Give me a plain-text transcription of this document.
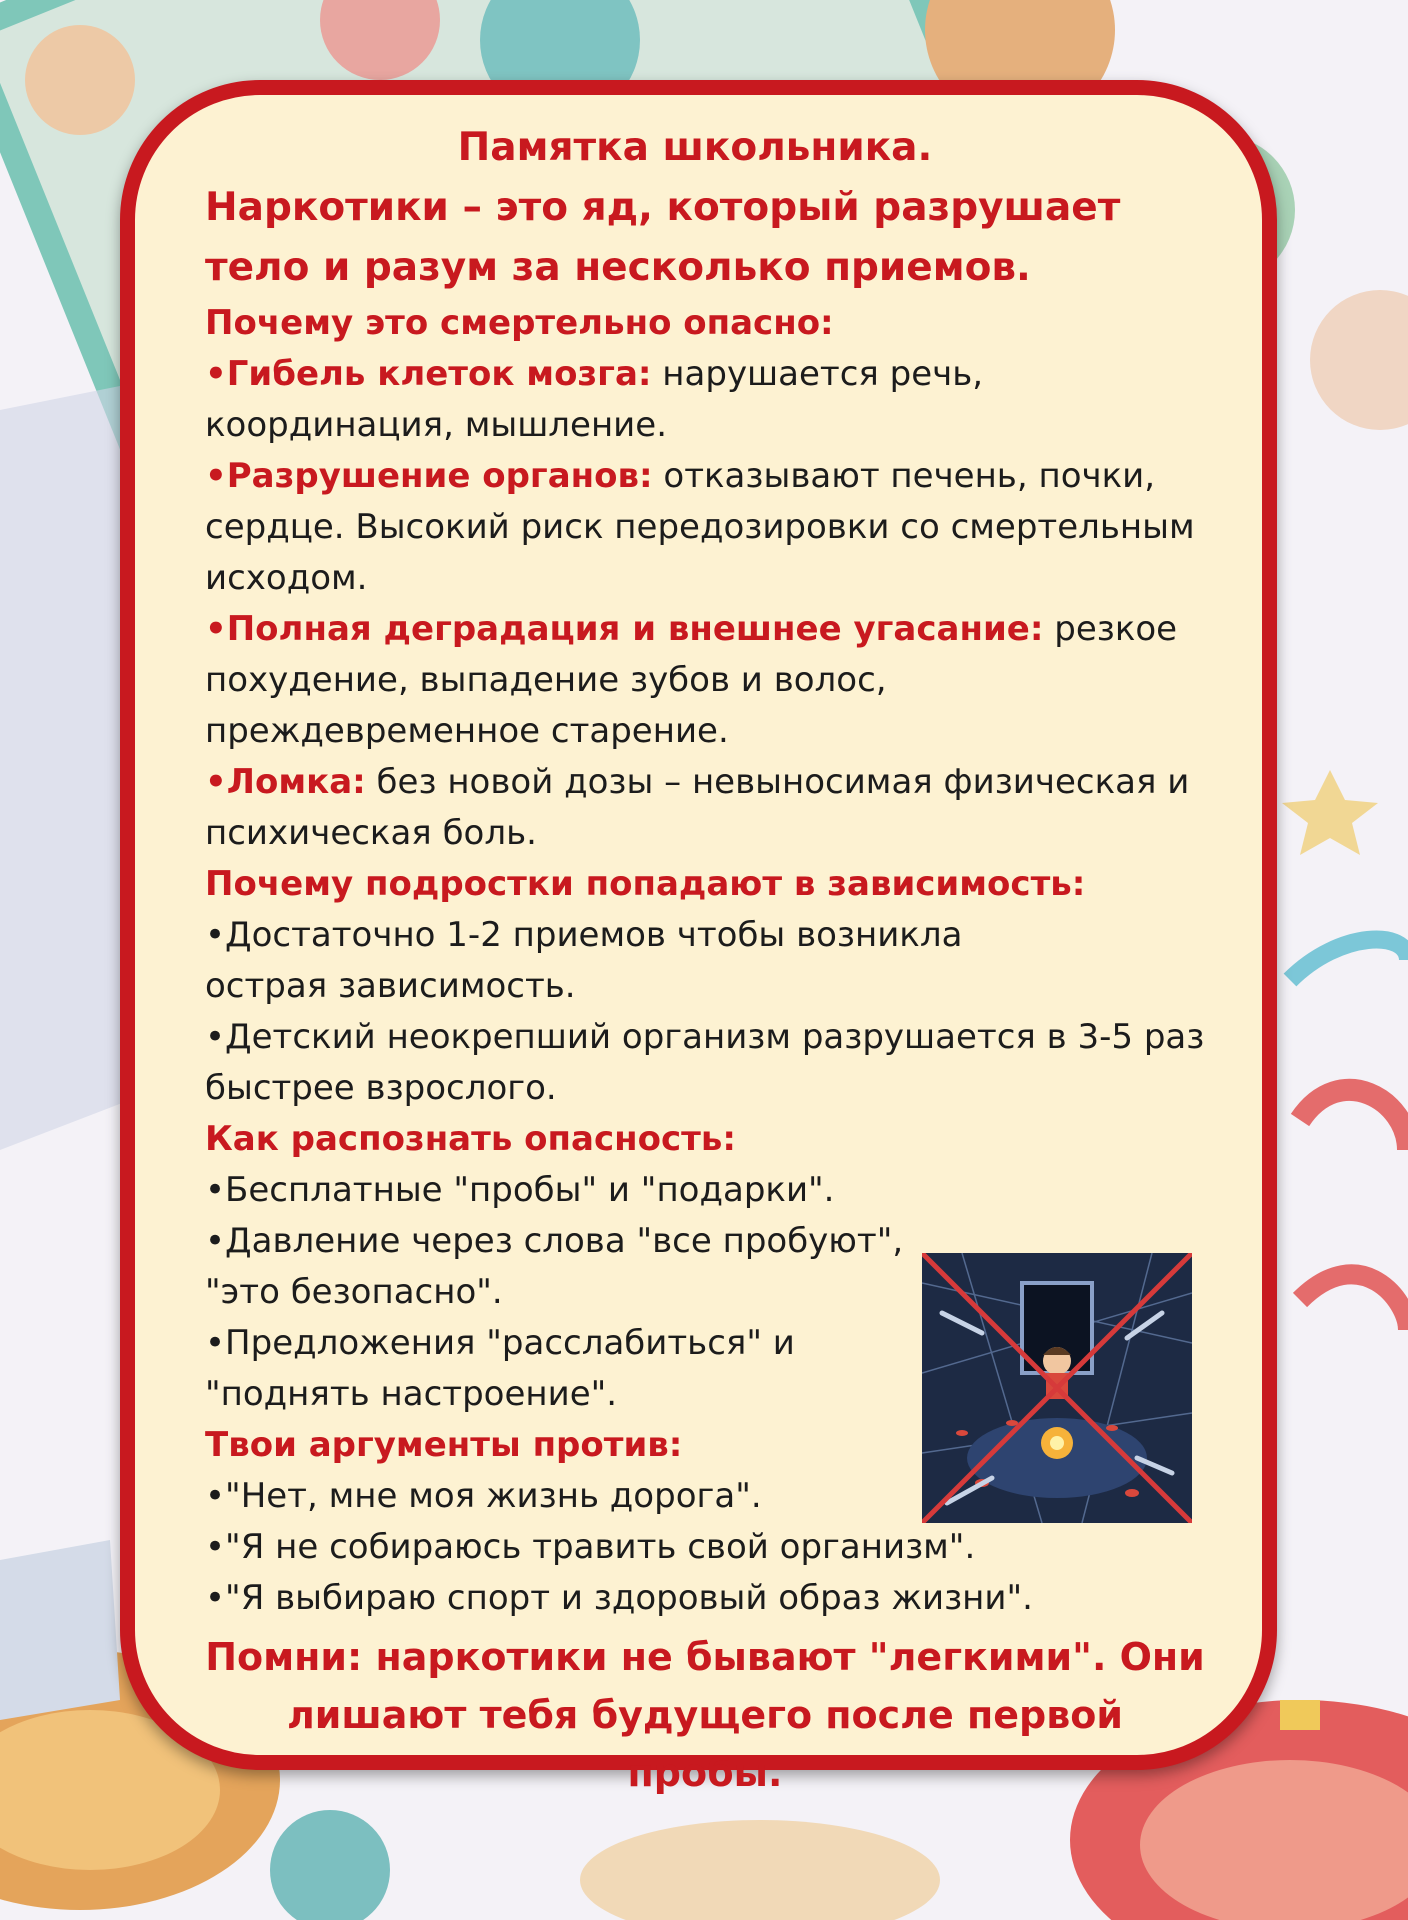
Памятка школьника.

Наркотики – это яд, который разрушает тело и разум за несколько приемов.

Почему это смертельно опасно:

•Гибель клеток мозга: нарушается речь, координация, мышление.

•Разрушение органов: отказывают печень, почки, сердце. Высокий риск передозировки со смертельным исходом.

•Полная деградация и внешнее угасание: резкое похудение, выпадение зубов и волос, преждевременное старение.

•Ломка: без новой дозы – невыносимая физическая и психическая боль.

Почему подростки попадают в зависимость:

•Достаточно 1-2 приемов чтобы возникла острая зависимость.

•Детский неокрепший организм разрушается в 3-5 раз быстрее взрослого.

Как распознать опасность:

•Бесплатные "пробы" и "подарки".

•Давление через слова "все пробуют", "это безопасно".

•Предложения "расслабиться" и "поднять настроение".

Твои аргументы против:

•"Нет, мне моя жизнь дорога".

•"Я не собираюсь травить свой организм".

•"Я выбираю спорт и здоровый образ жизни".

Помни: наркотики не бывают "легкими". Они лишают тебя будущего после первой пробы.
